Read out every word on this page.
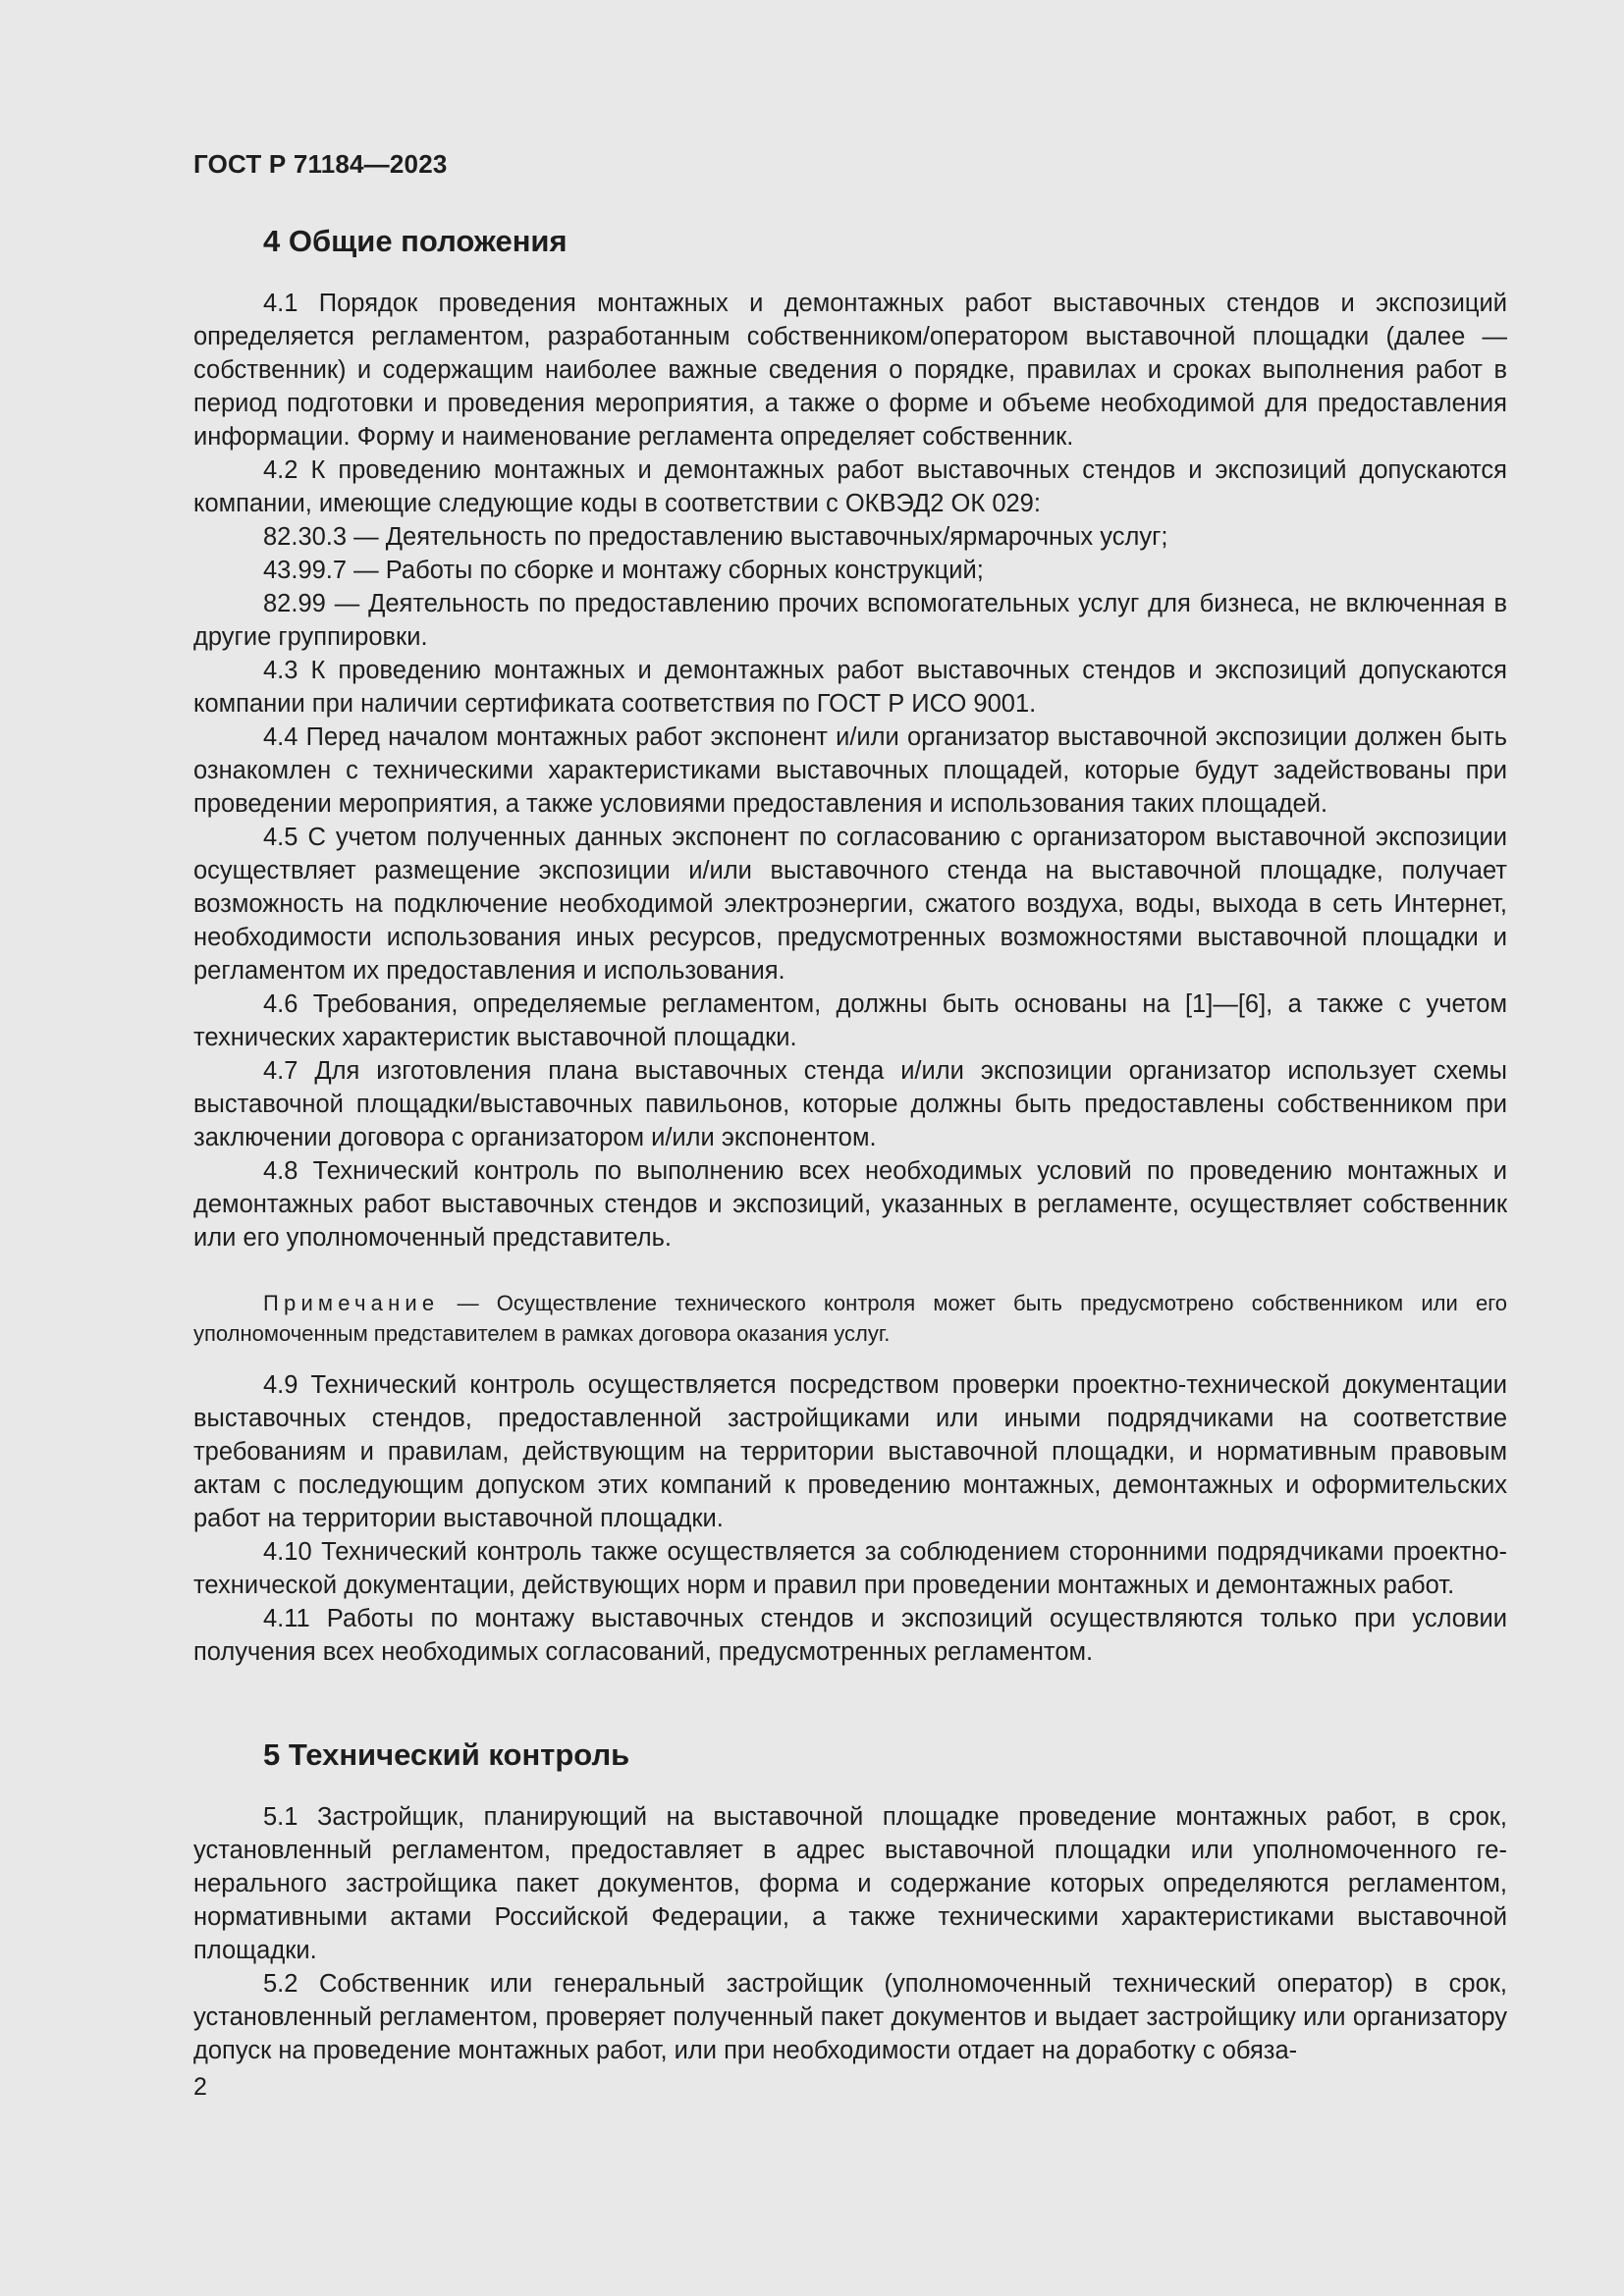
ГОСТ Р 71184—2023

4 Общие положения

4.1 Порядок проведения монтажных и демонтажных работ выставочных стендов и экспозиций определяется регламентом, разработанным собственником/оператором выставочной площадки (далее — собственник) и содержащим наиболее важные сведения о порядке, правилах и сроках выполнения работ в период подготовки и проведения мероприятия, а также о форме и объеме необходимой для предоставления информации. Форму и наименование регламента определяет собственник.

4.2 К проведению монтажных и демонтажных работ выставочных стендов и экспозиций допускаются компании, имеющие следующие коды в соответствии с ОКВЭД2 ОК 029:

82.30.3 — Деятельность по предоставлению выставочных/ярмарочных услуг;

43.99.7 — Работы по сборке и монтажу сборных конструкций;

82.99 — Деятельность по предоставлению прочих вспомогательных услуг для бизнеса, не включенная в другие группировки.

4.3 К проведению монтажных и демонтажных работ выставочных стендов и экспозиций допускаются компании при наличии сертификата соответствия по ГОСТ Р ИСО 9001.

4.4 Перед началом монтажных работ экспонент и/или организатор выставочной экспозиции должен быть ознакомлен с техническими характеристиками выставочных площадей, которые будут задействованы при проведении мероприятия, а также условиями предоставления и использования таких площадей.

4.5 С учетом полученных данных экспонент по согласованию с организатором выставочной экспозиции осуществляет размещение экспозиции и/или выставочного стенда на выставочной площадке, получает возможность на подключение необходимой электроэнергии, сжатого воздуха, воды, выхода в сеть Интернет, необходимости использования иных ресурсов, предусмотренных возможностями выставочной площадки и регламентом их предоставления и использования.

4.6 Требования, определяемые регламентом, должны быть основаны на [1]—[6], а также с учетом технических характеристик выставочной площадки.

4.7 Для изготовления плана выставочных стенда и/или экспозиции организатор использует схемы выставочной площадки/выставочных павильонов, которые должны быть предоставлены собственником при заключении договора с организатором и/или экспонентом.

4.8 Технический контроль по выполнению всех необходимых условий по проведению монтажных и демонтажных работ выставочных стендов и экспозиций, указанных в регламенте, осуществляет собственник или его уполномоченный представитель.

Примечание — Осуществление технического контроля может быть предусмотрено собственником или его уполномоченным представителем в рамках договора оказания услуг.

4.9 Технический контроль осуществляется посредством проверки проектно-технической документации выставочных стендов, предоставленной застройщиками или иными подрядчиками на соответствие требованиям и правилам, действующим на территории выставочной площадки, и нормативным правовым актам с последующим допуском этих компаний к проведению монтажных, демонтажных и оформительских работ на территории выставочной площадки.

4.10 Технический контроль также осуществляется за соблюдением сторонними подрядчиками проектно-технической документации, действующих норм и правил при проведении монтажных и демонтажных работ.

4.11 Работы по монтажу выставочных стендов и экспозиций осуществляются только при условии получения всех необходимых согласований, предусмотренных регламентом.

5 Технический контроль

5.1 Застройщик, планирующий на выставочной площадке проведение монтажных работ, в срок, установленный регламентом, предоставляет в адрес выставочной площадки или уполномоченного генерального застройщика пакет документов, форма и содержание которых определяются регламентом, нормативными актами Российской Федерации, а также техническими характеристиками выставочной площадки.

5.2 Собственник или генеральный застройщик (уполномоченный технический оператор) в срок, установленный регламентом, проверяет полученный пакет документов и выдает застройщику или организатору допуск на проведение монтажных работ, или при необходимости отдает на доработку с обяза-

2
